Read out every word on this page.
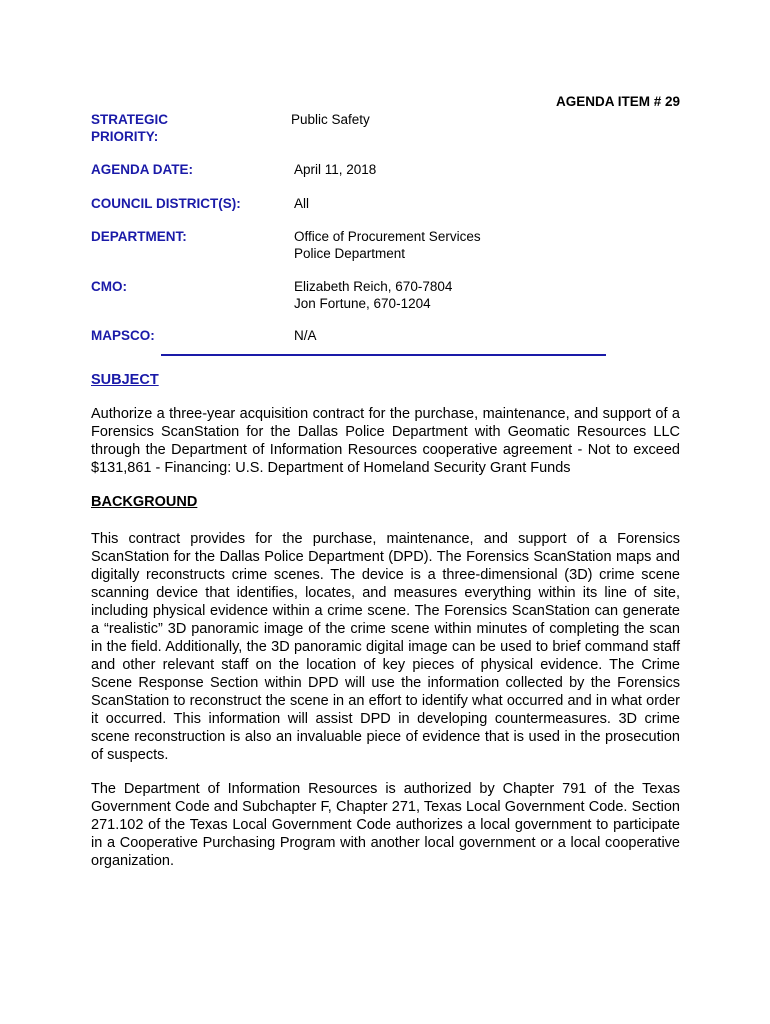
AGENDA ITEM # 29
STRATEGIC
PRIORITY:
Public Safety
AGENDA DATE:	April 11, 2018
COUNCIL DISTRICT(S):	All
DEPARTMENT:	Office of Procurement Services
Police Department
CMO:	Elizabeth Reich, 670-7804
Jon Fortune, 670-1204
MAPSCO:	N/A
SUBJECT
Authorize a three-year acquisition contract for the purchase, maintenance, and support of a Forensics ScanStation for the Dallas Police Department with Geomatic Resources LLC through the Department of Information Resources cooperative agreement - Not to exceed $131,861 - Financing: U.S. Department of Homeland Security Grant Funds
BACKGROUND
This contract provides for the purchase, maintenance, and support of a Forensics ScanStation for the Dallas Police Department (DPD). The Forensics ScanStation maps and digitally reconstructs crime scenes. The device is a three-dimensional (3D) crime scene scanning device that identifies, locates, and measures everything within its line of site, including physical evidence within a crime scene. The Forensics ScanStation can generate a “realistic” 3D panoramic image of the crime scene within minutes of completing the scan in the field. Additionally, the 3D panoramic digital image can be used to brief command staff and other relevant staff on the location of key pieces of physical evidence. The Crime Scene Response Section within DPD will use the information collected by the Forensics ScanStation to reconstruct the scene in an effort to identify what occurred and in what order it occurred. This information will assist DPD in developing countermeasures. 3D crime scene reconstruction is also an invaluable piece of evidence that is used in the prosecution of suspects.
The Department of Information Resources is authorized by Chapter 791 of the Texas Government Code and Subchapter F, Chapter 271, Texas Local Government Code. Section 271.102 of the Texas Local Government Code authorizes a local government to participate in a Cooperative Purchasing Program with another local government or a local cooperative organization.
